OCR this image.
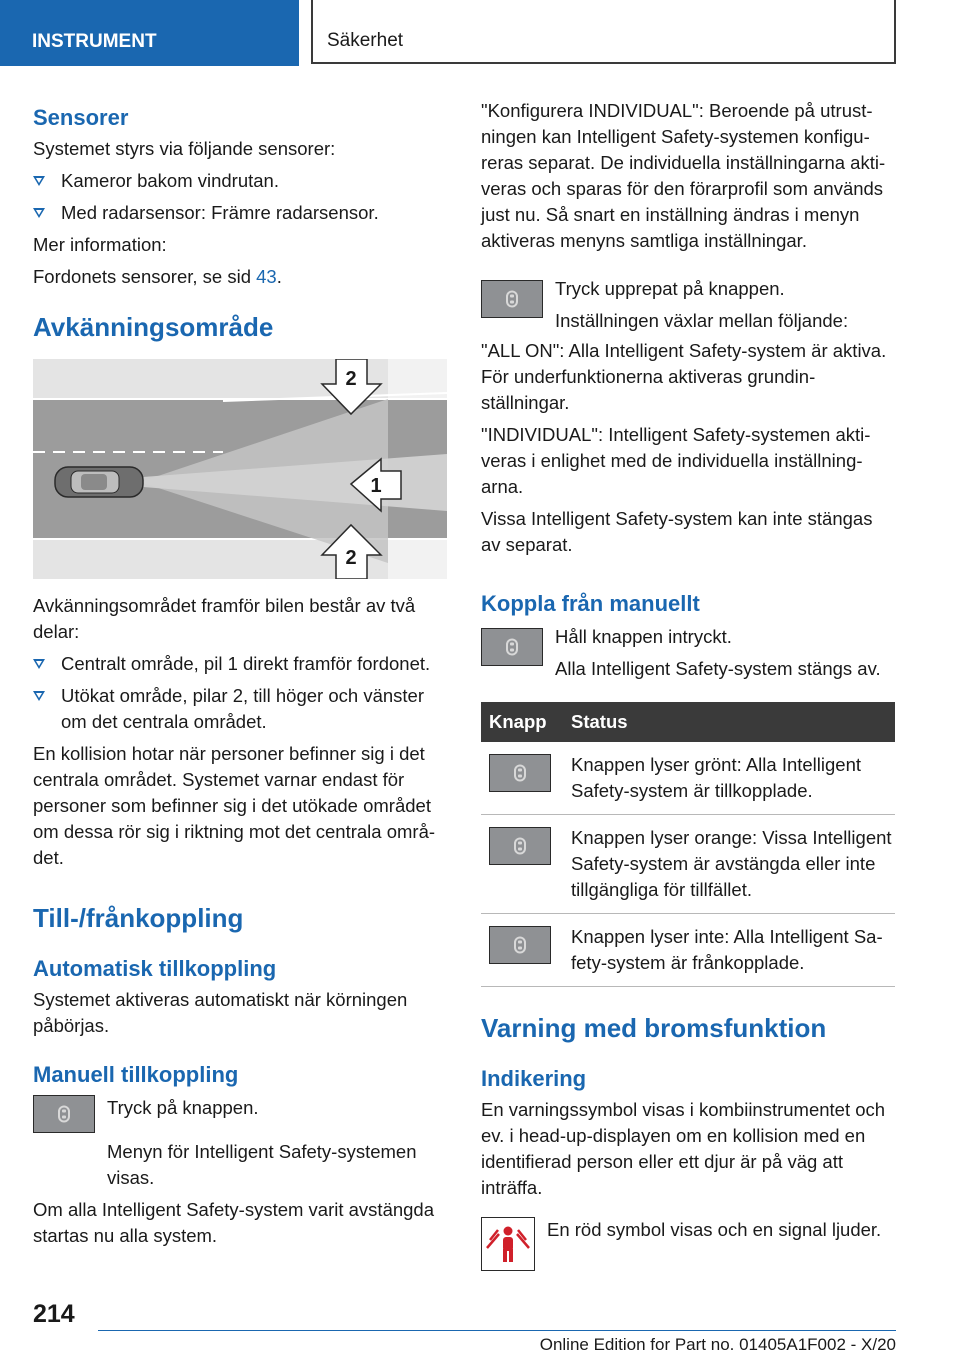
INSTRUMENT	Säkerhet
Sensorer

Systemet styrs via följande sensorer:

Kameror bakom vindrutan.
Med radarsensor: Främre radarsensor.

Mer information:

Fordonets sensorer, se sid 43.

Avkänningsområde
2
1
2

Avkänningsområdet framför bilen består av två delar:

Centralt område, pil 1 direkt framför fordonet.
Utökat område, pilar 2, till höger och vänster om det centrala området.

En kollision hotar när personer befinner sig i det centrala området. Systemet varnar endast för personer som befinner sig i det utökade området om dessa rör sig i riktning mot det centrala området.

Till-/frånkoppling
Automatisk tillkoppling

Systemet aktiveras automatiskt när körningen påbörjas.

Manuell tillkoppling

Tryck på knappen.

Menyn för Intelligent Safety-systemen visas.

Om alla Intelligent Safety-system varit avstängda startas nu alla system.

"Konfigurera INDIVIDUAL": Beroende på utrustningen kan Intelligent Safety-systemen konfigureras separat. De individuella inställningarna aktiveras och sparas för den förarprofil som används just nu. Så snart en inställning ändras i menyn aktiveras menyns samtliga inställningar.

Tryck upprepat på knappen.

Inställningen växlar mellan följande:

"ALL ON": Alla Intelligent Safety-system är aktiva. För underfunktionerna aktiveras grundinställningar.

"INDIVIDUAL": Intelligent Safety-systemen aktiveras i enlighet med de individuella inställningarna.

Vissa Intelligent Safety-system kan inte stängas av separat.

Koppla från manuellt

Håll knappen intryckt.

Alla Intelligent Safety-system stängs av.

Knapp	Status

	Knappen lyser grönt: Alla Intelligent Safety-system är tillkopplade.

	Knappen lyser orange: Vissa Intelligent Safety-system är avstängda eller inte tillgängliga för tillfället.

	Knappen lyser inte: Alla Intelligent Safety-system är frånkopplade.
Varning med bromsfunktion
Indikering

En varningssymbol visas i kombiinstrumentet och ev. i head-up-displayen om en kollision med en identifierad person eller ett djur är på väg att inträffa.

En röd symbol visas och en signal ljuder.

214
Online Edition for Part no. 01405A1F002 - X/20
